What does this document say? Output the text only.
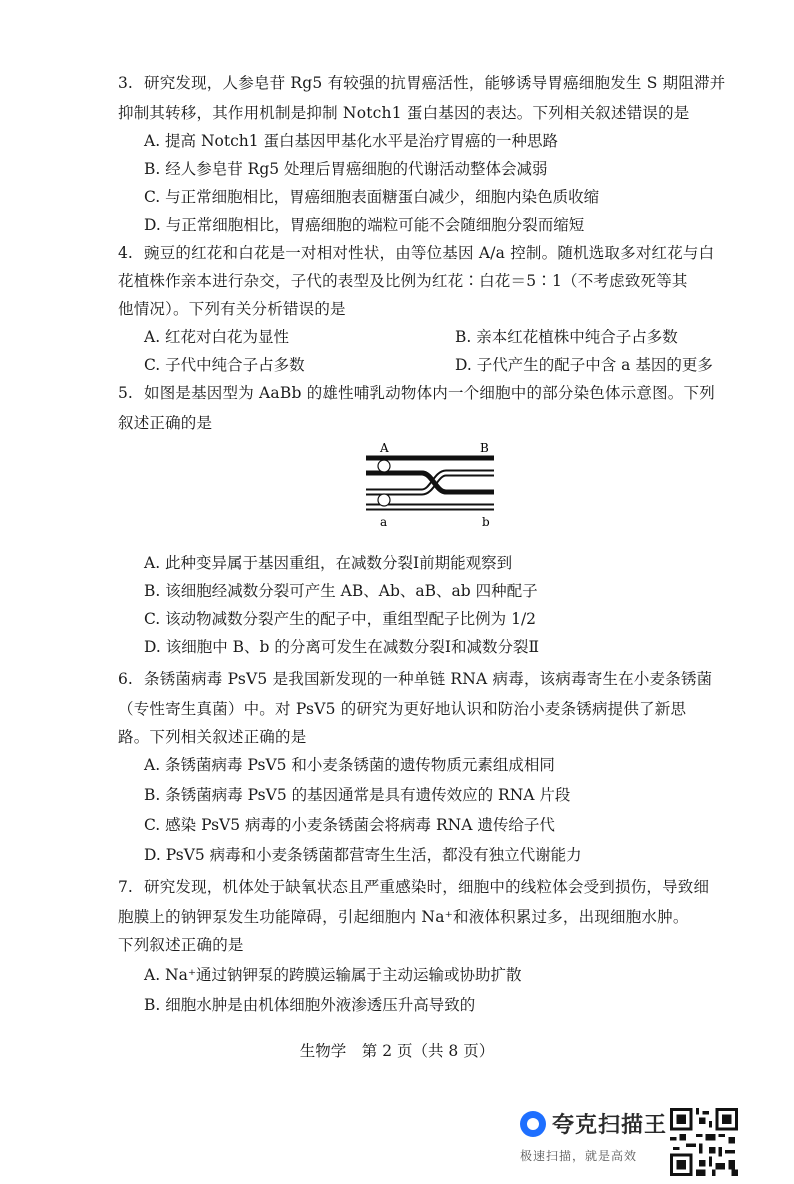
3. 研究发现，人参皂苷 Rg5 有较强的抗胃癌活性，能够诱导胃癌细胞发生 S 期阻滞并
抑制其转移，其作用机制是抑制 Notch1 蛋白基因的表达。下列相关叙述错误的是
A. 提高 Notch1 蛋白基因甲基化水平是治疗胃癌的一种思路
B. 经人参皂苷 Rg5 处理后胃癌细胞的代谢活动整体会减弱
C. 与正常细胞相比，胃癌细胞表面糖蛋白减少，细胞内染色质收缩
D. 与正常细胞相比，胃癌细胞的端粒可能不会随细胞分裂而缩短
4. 豌豆的红花和白花是一对相对性状，由等位基因 A/a 控制。随机选取多对红花与白
花植株作亲本进行杂交，子代的表型及比例为红花∶白花＝5∶1（不考虑致死等其
他情况）。下列有关分析错误的是
A. 红花对白花为显性	B. 亲本红花植株中纯合子占多数
C. 子代中纯合子占多数	D. 子代产生的配子中含 a 基因的更多
5. 如图是基因型为 AaBb 的雄性哺乳动物体内一个细胞中的部分染色体示意图。下列
叙述正确的是
A	B
a	b
A. 此种变异属于基因重组，在减数分裂Ⅰ前期能观察到
B. 该细胞经减数分裂可产生 AB、Ab、aB、ab 四种配子
C. 该动物减数分裂产生的配子中，重组型配子比例为 1/2
D. 该细胞中 B、b 的分离可发生在减数分裂Ⅰ和减数分裂Ⅱ
6. 条锈菌病毒 PsV5 是我国新发现的一种单链 RNA 病毒，该病毒寄生在小麦条锈菌
（专性寄生真菌）中。对 PsV5 的研究为更好地认识和防治小麦条锈病提供了新思
路。下列相关叙述正确的是
A. 条锈菌病毒 PsV5 和小麦条锈菌的遗传物质元素组成相同
B. 条锈菌病毒 PsV5 的基因通常是具有遗传效应的 RNA 片段
C. 感染 PsV5 病毒的小麦条锈菌会将病毒 RNA 遗传给子代
D. PsV5 病毒和小麦条锈菌都营寄生生活，都没有独立代谢能力
7. 研究发现，机体处于缺氧状态且严重感染时，细胞中的线粒体会受到损伤，导致细
胞膜上的钠钾泵发生功能障碍，引起细胞内 Na⁺和液体积累过多，出现细胞水肿。
下列叙述正确的是
A. Na⁺通过钠钾泵的跨膜运输属于主动运输或协助扩散
B. 细胞水肿是由机体细胞外液渗透压升高导致的
生物学　第 2 页（共 8 页）
夸克扫描王
极速扫描，就是高效
